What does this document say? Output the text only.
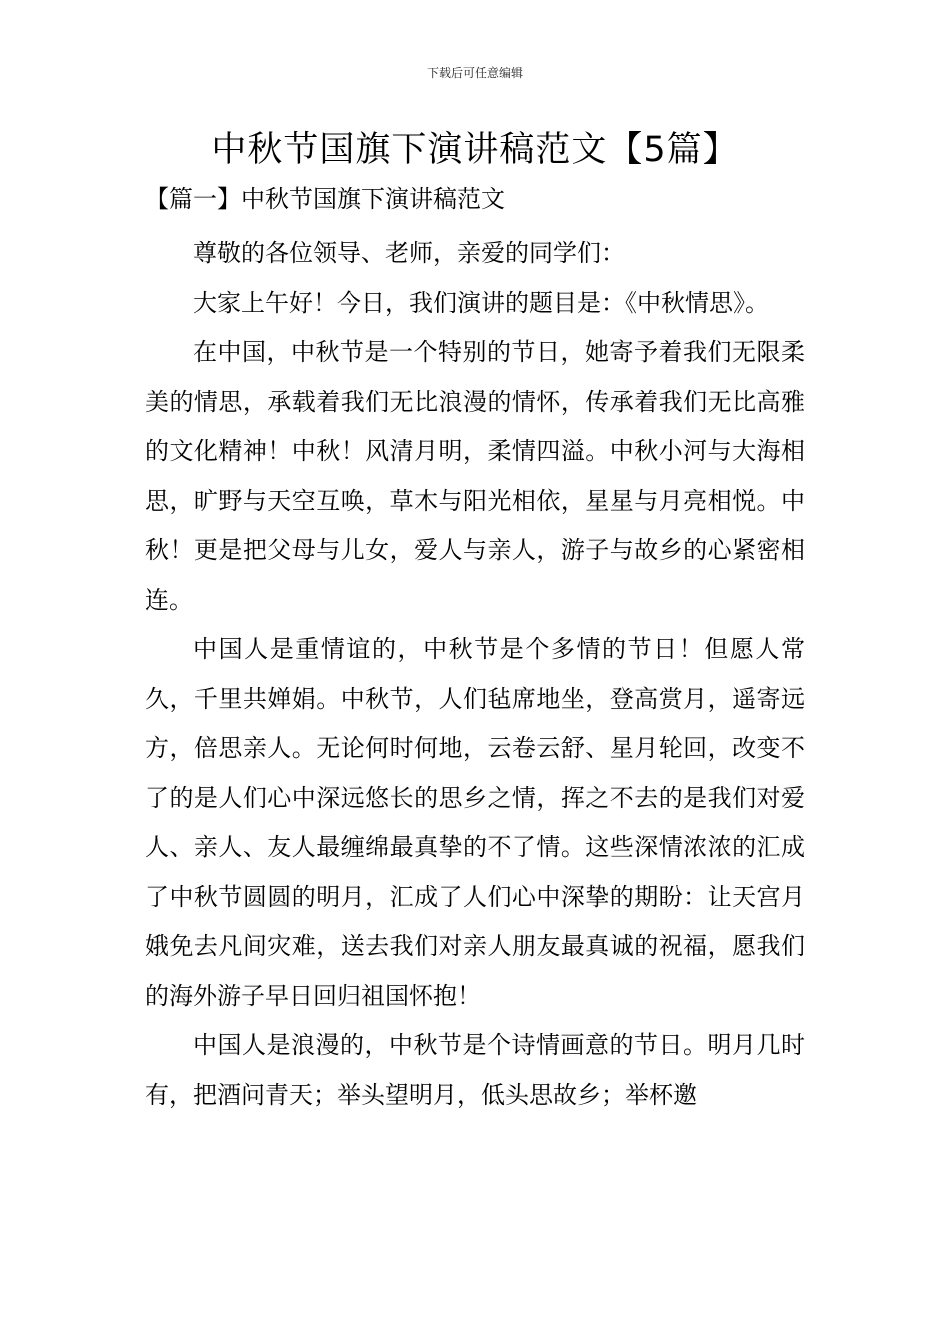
下载后可任意编辑
中秋节国旗下演讲稿范文【5篇】
【篇一】中秋节国旗下演讲稿范文

尊敬的各位领导、老师，亲爱的同学们：

大家上午好！今日，我们演讲的题目是：《中秋情思》。

在中国，中秋节是一个特别的节日，她寄予着我们无限柔美的情思，承载着我们无比浪漫的情怀，传承着我们无比高雅的文化精神！中秋！风清月明，柔情四溢。中秋小河与大海相思，旷野与天空互唤，草木与阳光相依，星星与月亮相悦。中秋！更是把父母与儿女，爱人与亲人，游子与故乡的心紧密相连。

中国人是重情谊的，中秋节是个多情的节日！但愿人常久，千里共婵娟。中秋节，人们毡席地坐，登高赏月，遥寄远方，倍思亲人。无论何时何地，云卷云舒、星月轮回，改变不了的是人们心中深远悠长的思乡之情，挥之不去的是我们对爱人、亲人、友人最缠绵最真挚的不了情。这些深情浓浓的汇成了中秋节圆圆的明月，汇成了人们心中深挚的期盼：让天宫月娥免去凡间灾难，送去我们对亲人朋友最真诚的祝福，愿我们的海外游子早日回归祖国怀抱！

中国人是浪漫的，中秋节是个诗情画意的节日。明月几时有，把酒问青天；举头望明月，低头思故乡；举杯邀
